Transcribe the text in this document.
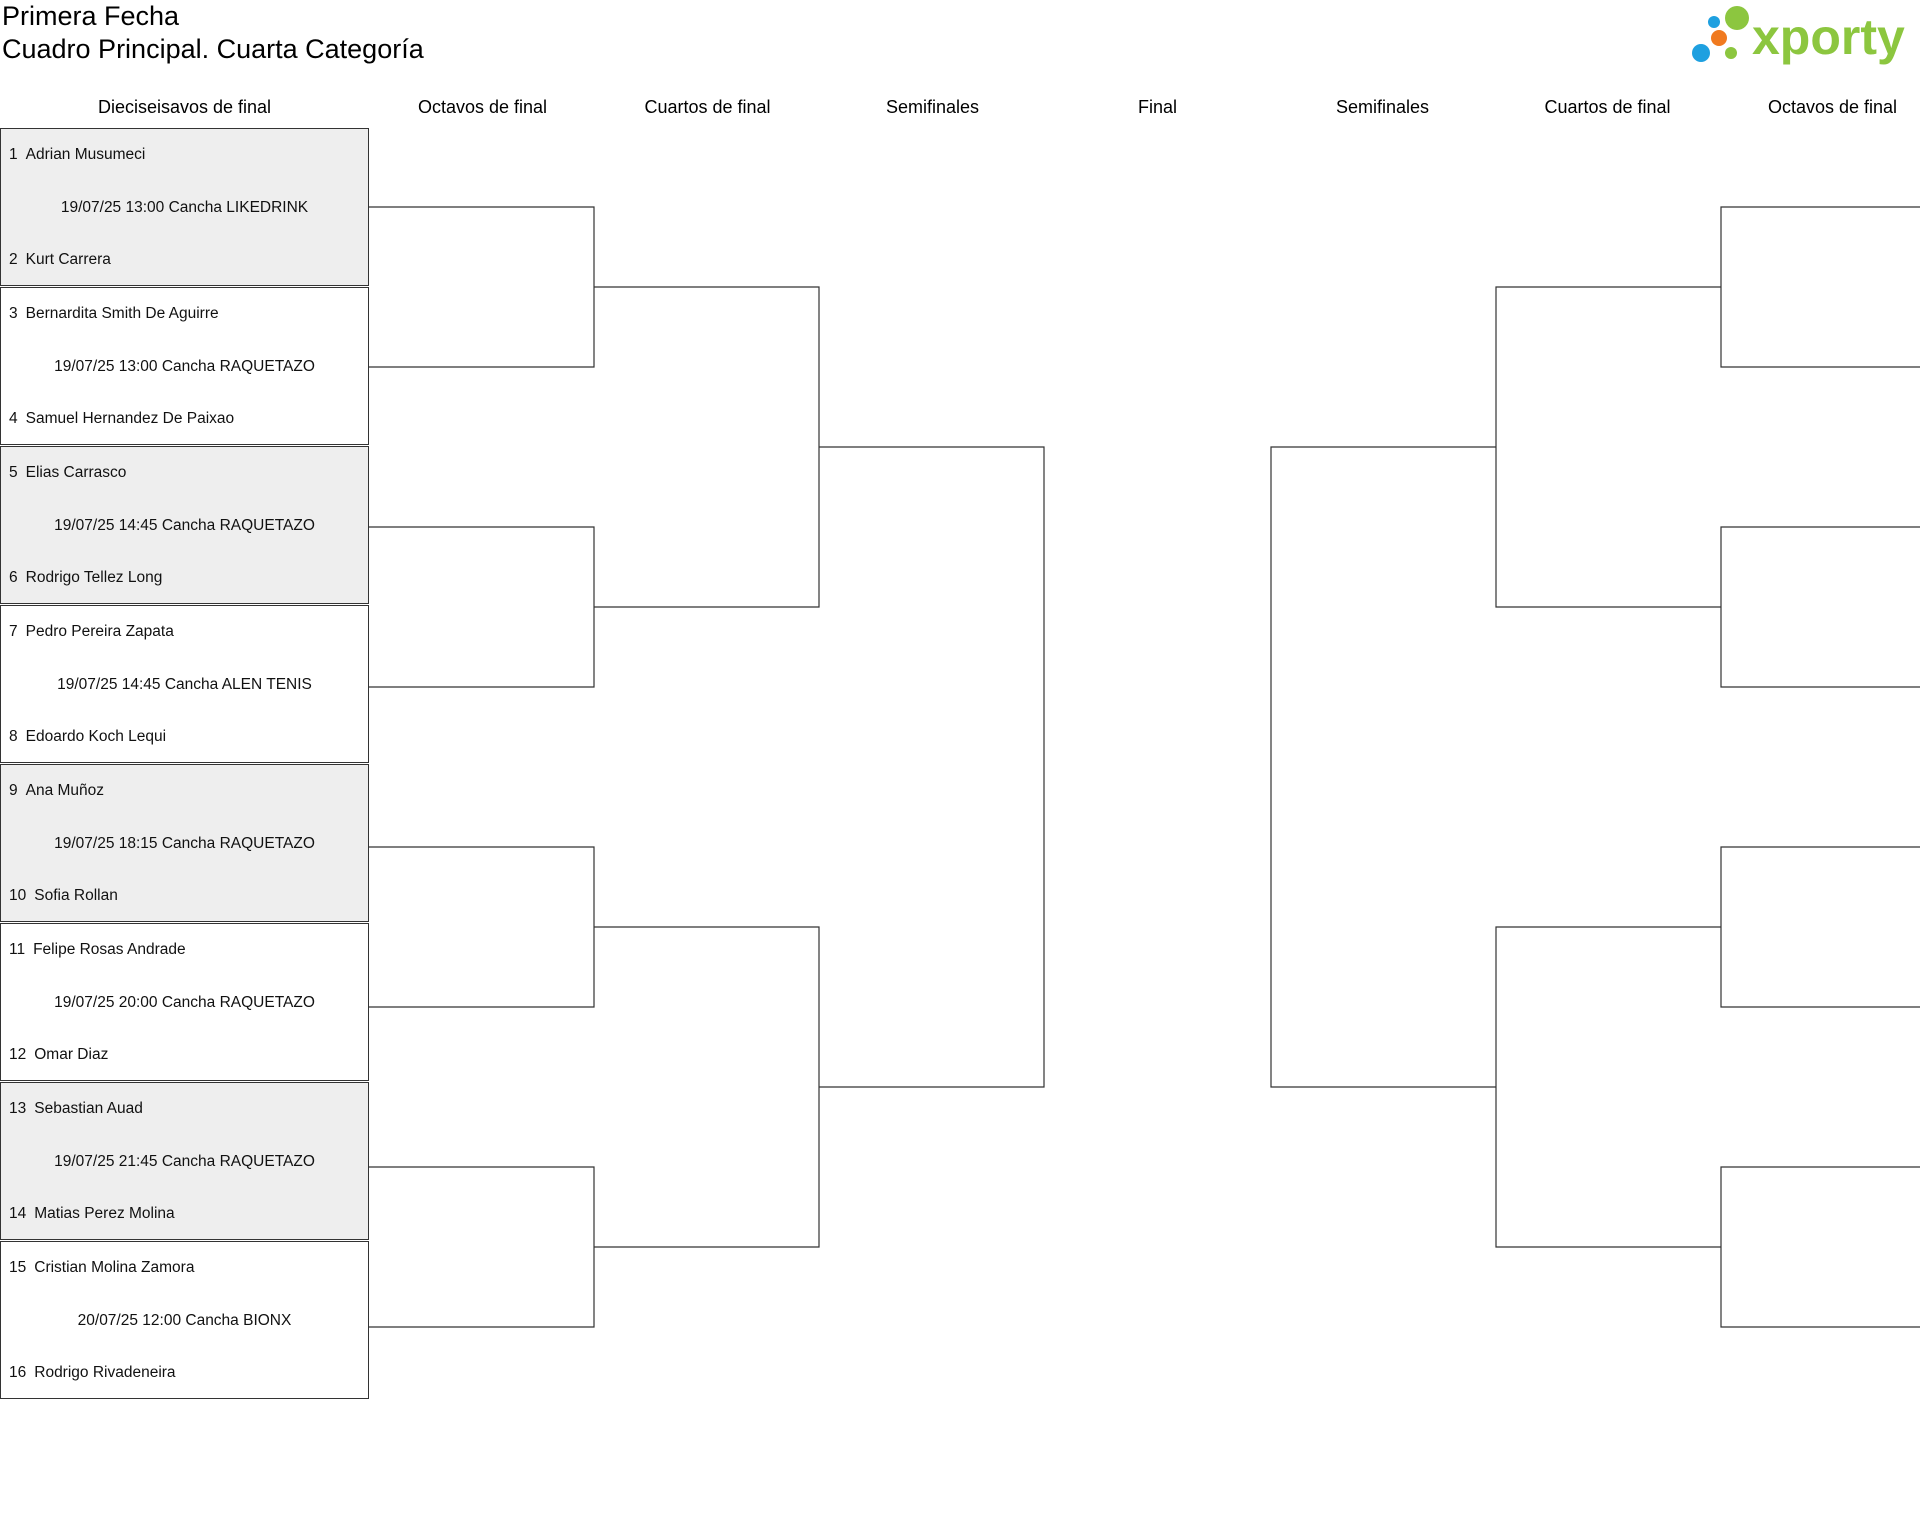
Primera Fecha
Cuadro Principal. Cuarta Categoría	xporty
Dieciseisavos de final	Octavos de final	Cuartos de final	Semifinales	Final	Semifinales	Cuartos de final	Octavos de final
1 Adrian Musumeci
19/07/25 13:00 Cancha LIKEDRINK
2 Kurt Carrera
3 Bernardita Smith De Aguirre
19/07/25 13:00 Cancha RAQUETAZO
4 Samuel Hernandez De Paixao
5 Elias Carrasco
19/07/25 14:45 Cancha RAQUETAZO
6 Rodrigo Tellez Long
7 Pedro Pereira Zapata
19/07/25 14:45 Cancha ALEN TENIS
8 Edoardo Koch Lequi
9 Ana Muñoz
19/07/25 18:15 Cancha RAQUETAZO
10 Sofia Rollan
11 Felipe Rosas Andrade
19/07/25 20:00 Cancha RAQUETAZO
12 Omar Diaz
13 Sebastian Auad
19/07/25 21:45 Cancha RAQUETAZO
14 Matias Perez Molina
15 Cristian Molina Zamora
20/07/25 12:00 Cancha BIONX
16 Rodrigo Rivadeneira
